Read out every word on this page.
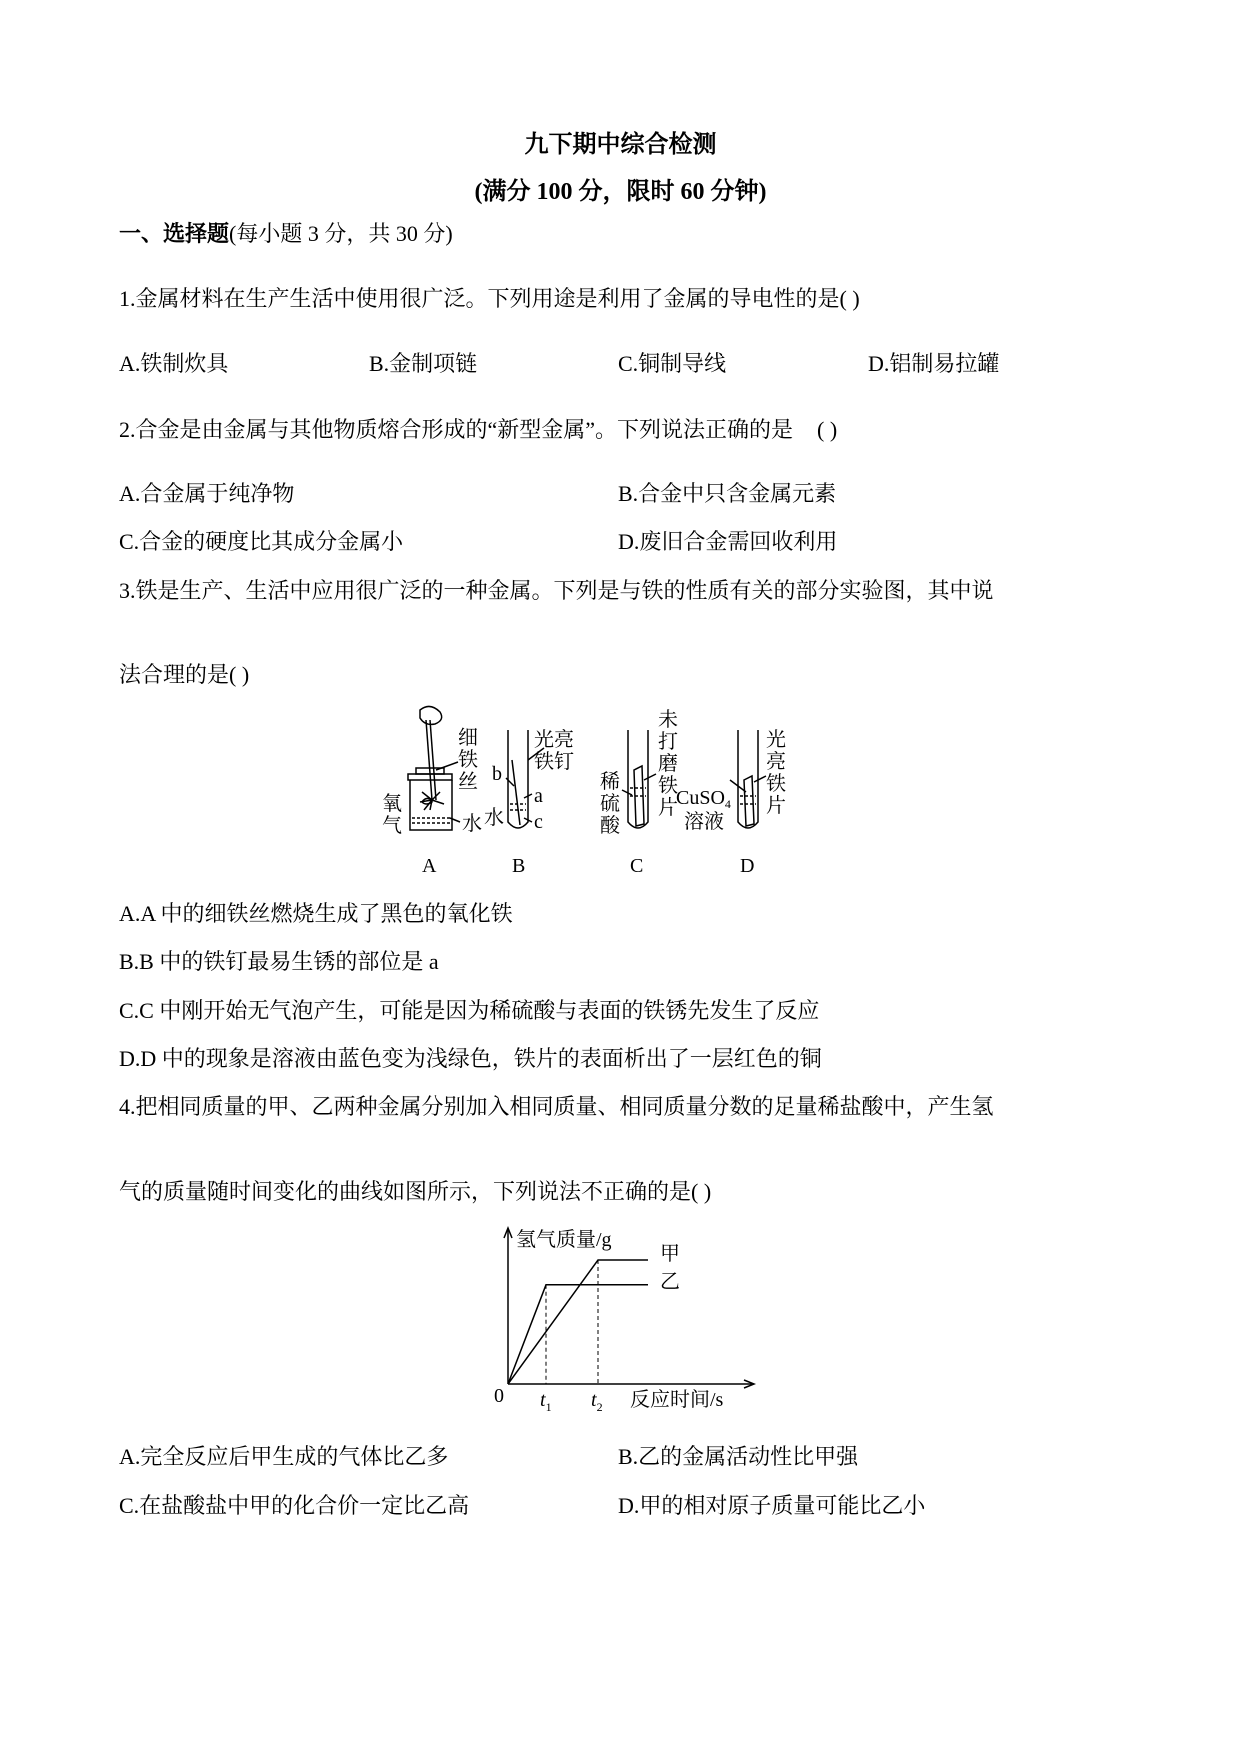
九下期中综合检测
(满分 100 分，限时 60 分钟)
一、选择题(每小题 3 分，共 30 分)
1.金属材料在生产生活中使用很广泛。下列用途是利用了金属的导电性的是( )
A.铁制炊具	B.金制项链	C.铜制导线	D.铝制易拉罐
2.合金是由金属与其他物质熔合形成的“新型金属”。下列说法正确的是 ( )
A.合金属于纯净物	B.合金中只含金属元素
C.合金的硬度比其成分金属小	D.废旧合金需回收利用
3.铁是生产、生活中应用很广泛的一种金属。下列是与铁的性质有关的部分实验图，其中说
法合理的是( )
氧
气
细
铁
丝
水
A
光亮
铁钉
b
a
水 c
B
稀
硫
酸
未
打
磨
铁
片
C
CuSO$_4$
溶液
光
亮
铁
片
D
A.A 中的细铁丝燃烧生成了黑色的氧化铁
B.B 中的铁钉最易生锈的部位是 a
C.C 中刚开始无气泡产生，可能是因为稀硫酸与表面的铁锈先发生了反应
D.D 中的现象是溶液由蓝色变为浅绿色，铁片的表面析出了一层红色的铜
4.把相同质量的甲、乙两种金属分别加入相同质量、相同质量分数的足量稀盐酸中，产生氢
气的质量随时间变化的曲线如图所示，下列说法不正确的是( )
氢气质量/g
0	反应时间/s
$t_1$ $t_2$
甲
乙
A.完全反应后甲生成的气体比乙多	B.乙的金属活动性比甲强
C.在盐酸盐中甲的化合价一定比乙高	D.甲的相对原子质量可能比乙小
